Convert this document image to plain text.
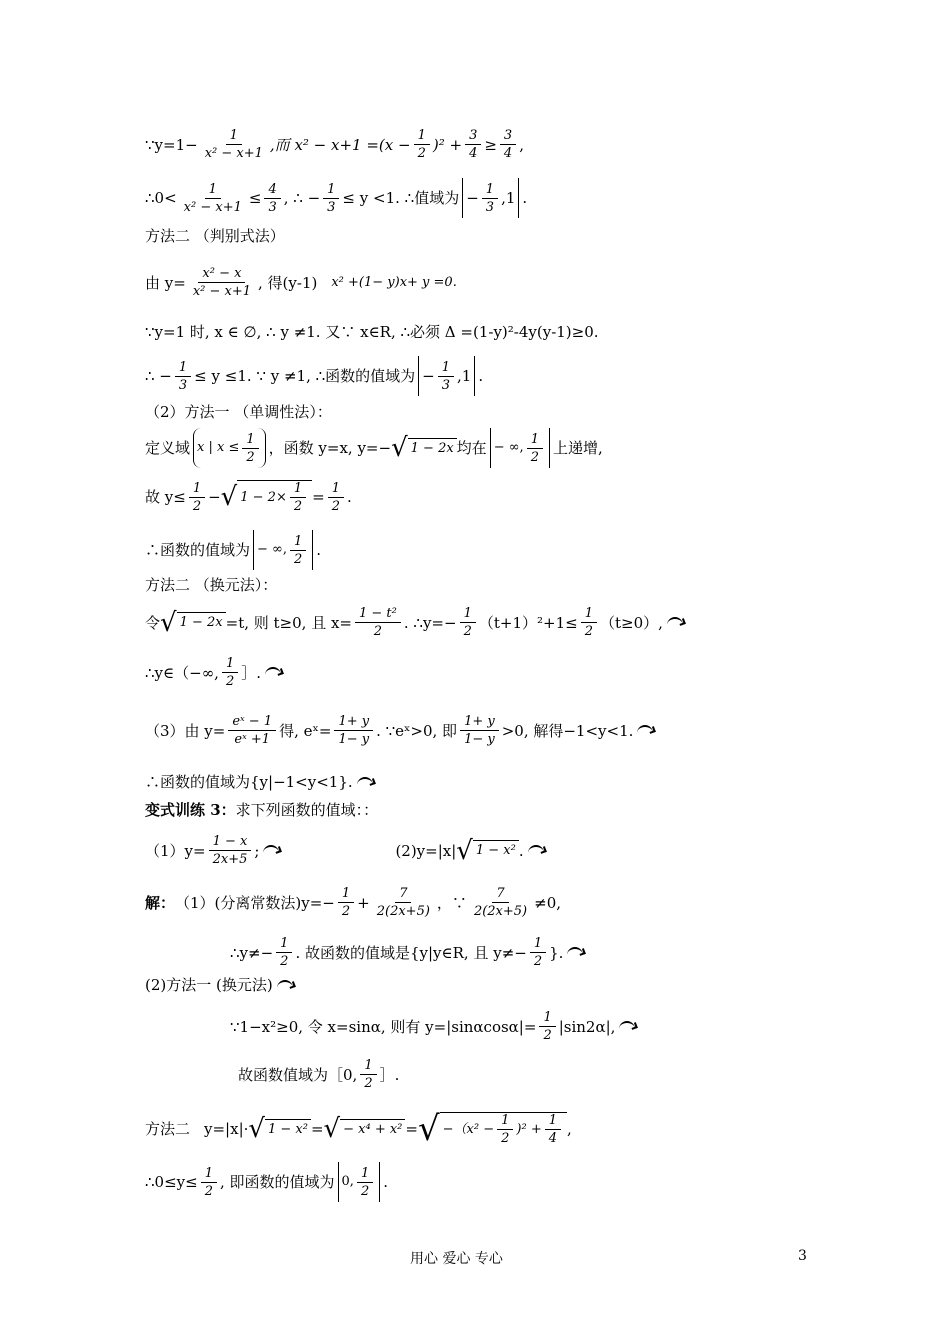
∵y=1− $\frac{1}{\text{x² − x+1}}$ ,而 $x^2 - x+1 =(x - \frac{1}{2} )^2 + \frac{3}{4} \ge \frac{3}{4}$ ,
∴0< $\frac{1}{\text{x² − x+1}} \le \frac{4}{3}$ , ∴ − $\frac{1}{3} \le y <1$. ∴值域为 − $\frac{1}{3} ,1$ .
方法二 （判别式法）
由 $y= \frac{\text{x² − x}}{\text{x² − x+1}}$ , 得(y-1) x² +(1− y)x+ y =0.
∵y=1 时, x ∈ ∅, ∴ y ≠1. 又∵ x∈R, ∴必须 Δ =(1-y)²-4y(y-1)≥0.
∴ − $\frac{1}{3} \le y \le 1$. ∵ y ≠1, ∴函数的值域为 − $\frac{1}{3} ,1$ .
（2）方法一 （单调性法）：
定义域 x | $x \le \frac{1}{2}$ ，函数 y=x, y=− √ 1 − 2x 均在 − ∞, $\frac{1}{2}$ 上递增,
故 $y\le \frac{1}{2}$ − √ $1 - 2\times \frac{1}{2} = \frac{1}{2}$ .
∴函数的值域为 − ∞, $\frac{1}{2}$ .
方法二 （换元法）：
令 √ 1 − 2x =t, 则 t≥0, 且 $x= \frac{\text{1 − t²}}{2}$ . ∴y=− $\frac{1}{2} (t+1)^2+1\le \frac{1}{2} (t\ge 0)$,
∴y∈（−∞, $\frac{1}{2}$ ］.
（3）由 $y= \frac{\text{eˣ − 1}}{\text{eˣ +1}}$ 得, eˣ= $\frac{1+ y}{1- y}$ . ∵eˣ>0, 即 $\frac{1+ y}{1- y} >0$, 解得−1<y<1.
∴函数的值域为{y|−1<y<1}.
变式训练 3： 求下列函数的值域：：
$(1)y= \frac{1 - x}{2x+5}$ ;	(2)y=|x| √ 1 − x² .
解： （1）(分离常数法)$y=- \frac{1}{2} + \frac{7}{2(2x+5)}$ ，∵ $\frac{7}{2(2x+5)} \ne 0$,
∴y≠− $\frac{1}{2}$ . 故函数的值域是{y|y∈R, 且 $y\ne- \frac{1}{2}$ }.
(2)方法一 (换元法)
∵1−x²≥0, 令 x=sinα, 则有 $y=|\sin\alpha\cos\alpha|= \frac{1}{2} |\sin 2\alpha|$,
故函数值域为［0, $\frac{1}{2}$ ］.
方法二 y=|x|· √ 1 − x² = √ − x⁴ + x² = √ $-(x^2 - \frac{1}{2} )^2 + \frac{1}{4}$ ,
∴0≤y≤ $\frac{1}{2}$ , 即函数的值域为 0, $\frac{1}{2}$ .
用心 爱心 专心	3
